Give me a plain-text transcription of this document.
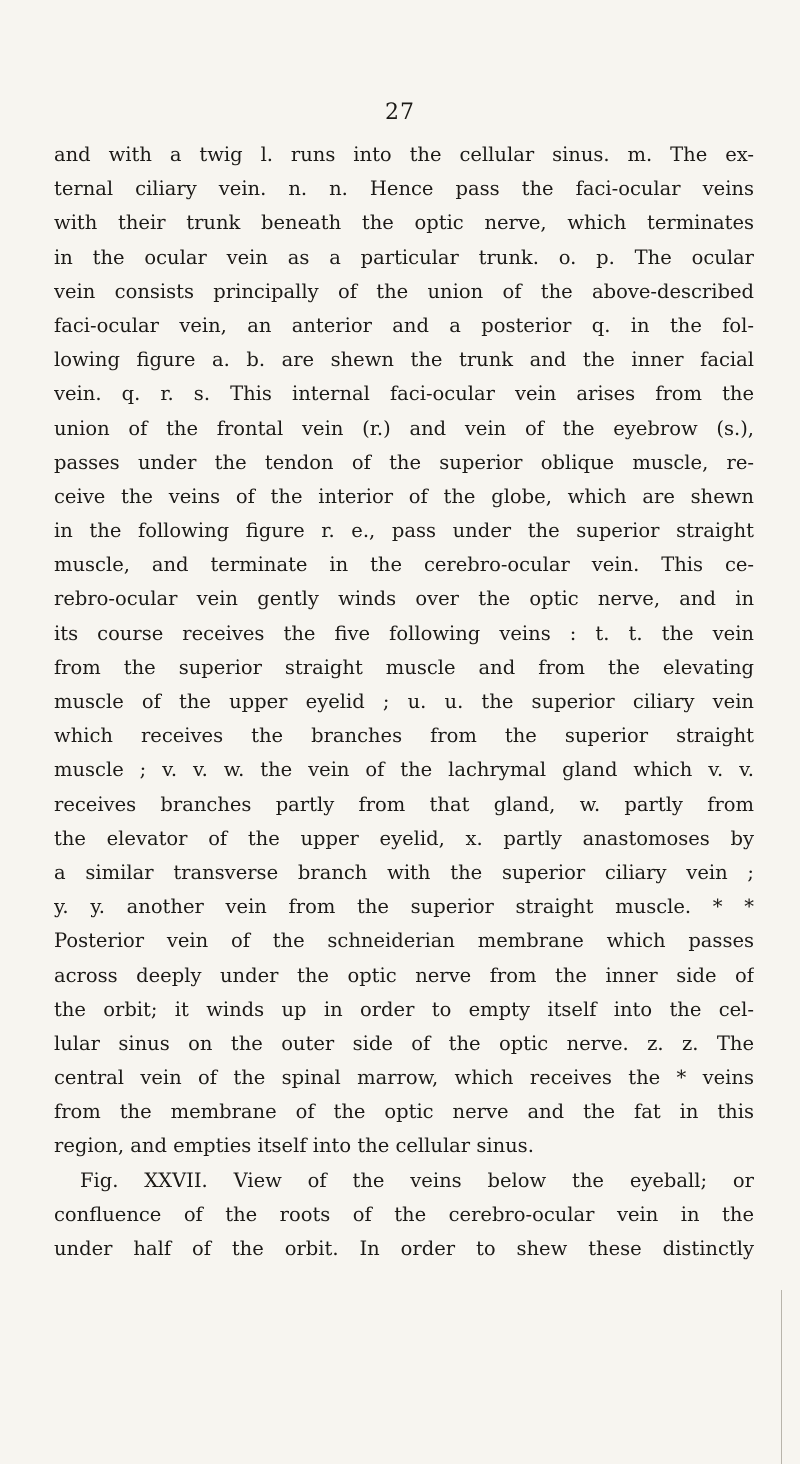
27
and with a twig l. runs into the cellular sinus. m. The ex-
ternal ciliary vein. n. n. Hence pass the faci-ocular veins
with their trunk beneath the optic nerve, which terminates
in the ocular vein as a particular trunk. o. p. The ocular
vein consists principally of the union of the above-described
faci-ocular vein, an anterior and a posterior q. in the fol-
lowing figure a. b. are shewn the trunk and the inner facial
vein. q. r. s. This internal faci-ocular vein arises from the
union of the frontal vein (r.) and vein of the eyebrow (s.),
passes under the tendon of the superior oblique muscle, re-
ceive the veins of the interior of the globe, which are shewn
in the following figure r. e., pass under the superior straight
muscle, and terminate in the cerebro-ocular vein. This ce-
rebro-ocular vein gently winds over the optic nerve, and in
its course receives the five following veins : t. t. the vein
from the superior straight muscle and from the elevating
muscle of the upper eyelid ; u. u. the superior ciliary vein
which receives the branches from the superior straight
muscle ; v. v. w. the vein of the lachrymal gland which v. v.
receives branches partly from that gland, w. partly from
the elevator of the upper eyelid, x. partly anastomoses by
a similar transverse branch with the superior ciliary vein ;
y. y. another vein from the superior straight muscle. * *
Posterior vein of the schneiderian membrane which passes
across deeply under the optic nerve from the inner side of
the orbit; it winds up in order to empty itself into the cel-
lular sinus on the outer side of the optic nerve. z. z. The
central vein of the spinal marrow, which receives the * veins
from the membrane of the optic nerve and the fat in this
region, and empties itself into the cellular sinus.
Fig. XXVII. View of the veins below the eyeball; or
confluence of the roots of the cerebro-ocular vein in the
under half of the orbit. In order to shew these distinctly
